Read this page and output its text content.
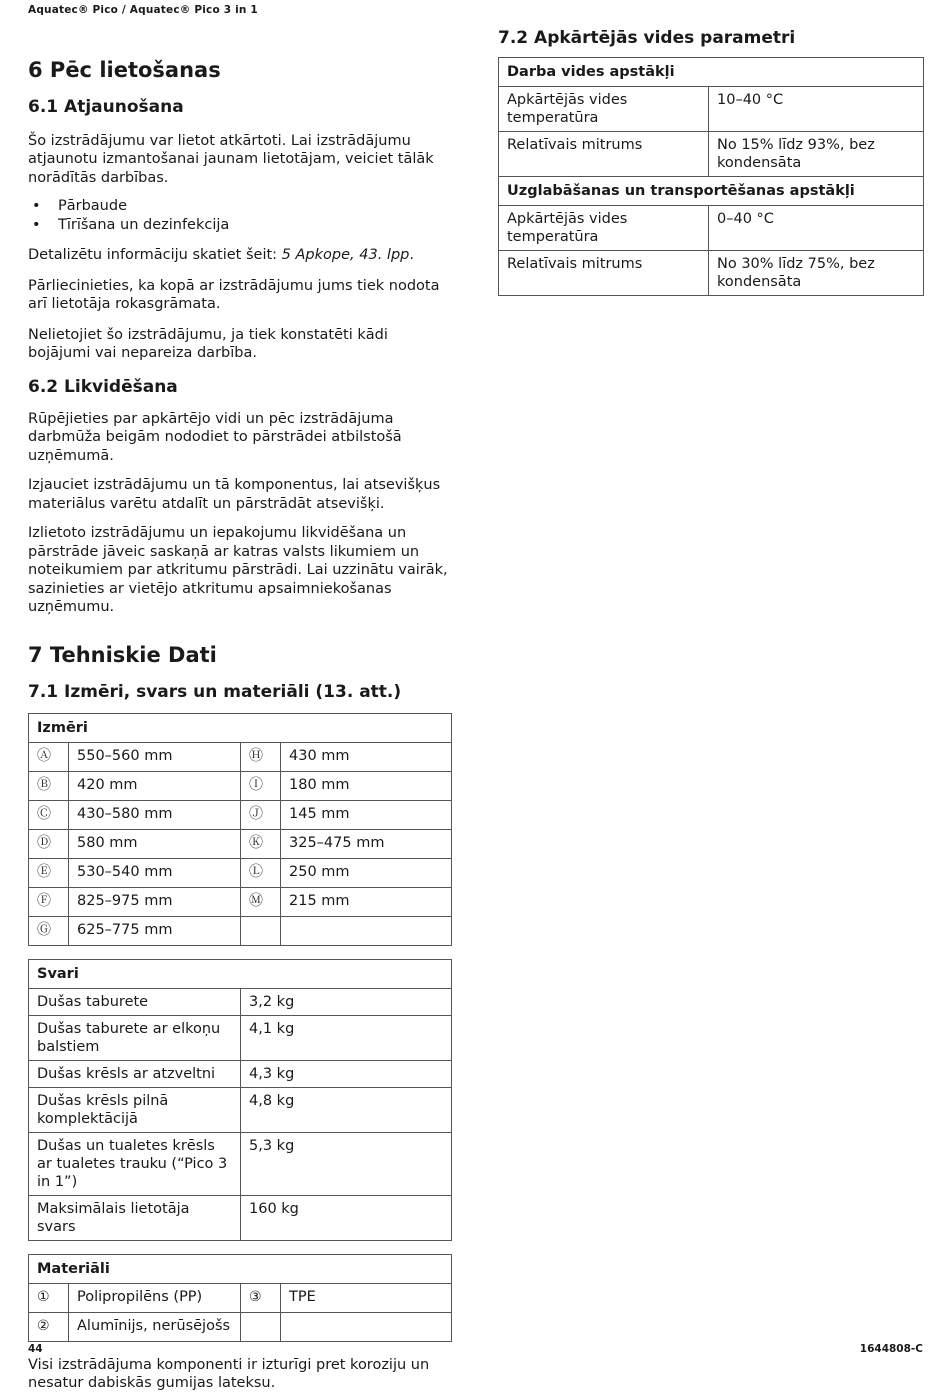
Aquatec® Pico / Aquatec® Pico 3 in 1
6 Pēc lietošanas
6.1 Atjaunošana

Šo izstrādājumu var lietot atkārtoti. Lai izstrādājumu atjaunotu izmantošanai jaunam lietotājam, veiciet tālāk norādītās darbības.

• Pārbaude
• Tīrīšana un dezinfekcija

Detalizētu informāciju skatiet šeit: 5 Apkope, 43. lpp.

Pārliecinieties, ka kopā ar izstrādājumu jums tiek nodota arī lietotāja rokasgrāmata.

Nelietojiet šo izstrādājumu, ja tiek konstatēti kādi bojājumi vai nepareiza darbība.

6.2 Likvidēšana

Rūpējieties par apkārtējo vidi un pēc izstrādājuma darbmūža beigām nododiet to pārstrādei atbilstošā uzņēmumā.

Izjauciet izstrādājumu un tā komponentus, lai atsevišķus materiālus varētu atdalīt un pārstrādāt atsevišķi.

Izlietoto izstrādājumu un iepakojumu likvidēšana un pārstrāde jāveic saskaņā ar katras valsts likumiem un noteikumiem par atkritumu pārstrādi. Lai uzzinātu vairāk, sazinieties ar vietējo atkritumu apsaimniekošanas uzņēmumu.

7 Tehniskie Dati
7.1 Izmēri, svars un materiāli (13. att.)
Izmēri			
Ⓐ	550–560 mm	Ⓗ	430 mm
Ⓑ	420 mm	Ⓘ	180 mm
Ⓒ	430–580 mm	Ⓙ	145 mm
Ⓓ	580 mm	Ⓚ	325–475 mm
Ⓔ	530–540 mm	Ⓛ	250 mm
Ⓕ	825–975 mm	Ⓜ	215 mm
Ⓖ	625–775 mm		
Svari	
Dušas taburete	3,2 kg
Dušas taburete ar elkoņu balstiem	4,1 kg
Dušas krēsls ar atzveltni	4,3 kg
Dušas krēsls pilnā komplektācijā	4,8 kg
Dušas un tualetes krēsls ar tualetes trauku (“Pico 3 in 1”)	5,3 kg
Maksimālais lietotāja svars	160 kg
Materiāli			
①	Polipropilēns (PP)	③	TPE
②	Alumīnijs, nerūsējošs		

Visi izstrādājuma komponenti ir izturīgi pret koroziju un nesatur dabiskās gumijas lateksu.

7.2 Apkārtējās vides parametri
Darba vides apstākļi	
Apkārtējās vides temperatūra	10–40 °C
Relatīvais mitrums	No 15% līdz 93%, bez kondensāta
Uzglabāšanas un transportēšanas apstākļi	
Apkārtējās vides temperatūra	0–40 °C
Relatīvais mitrums	No 30% līdz 75%, bez kondensāta
44	1644808-C
